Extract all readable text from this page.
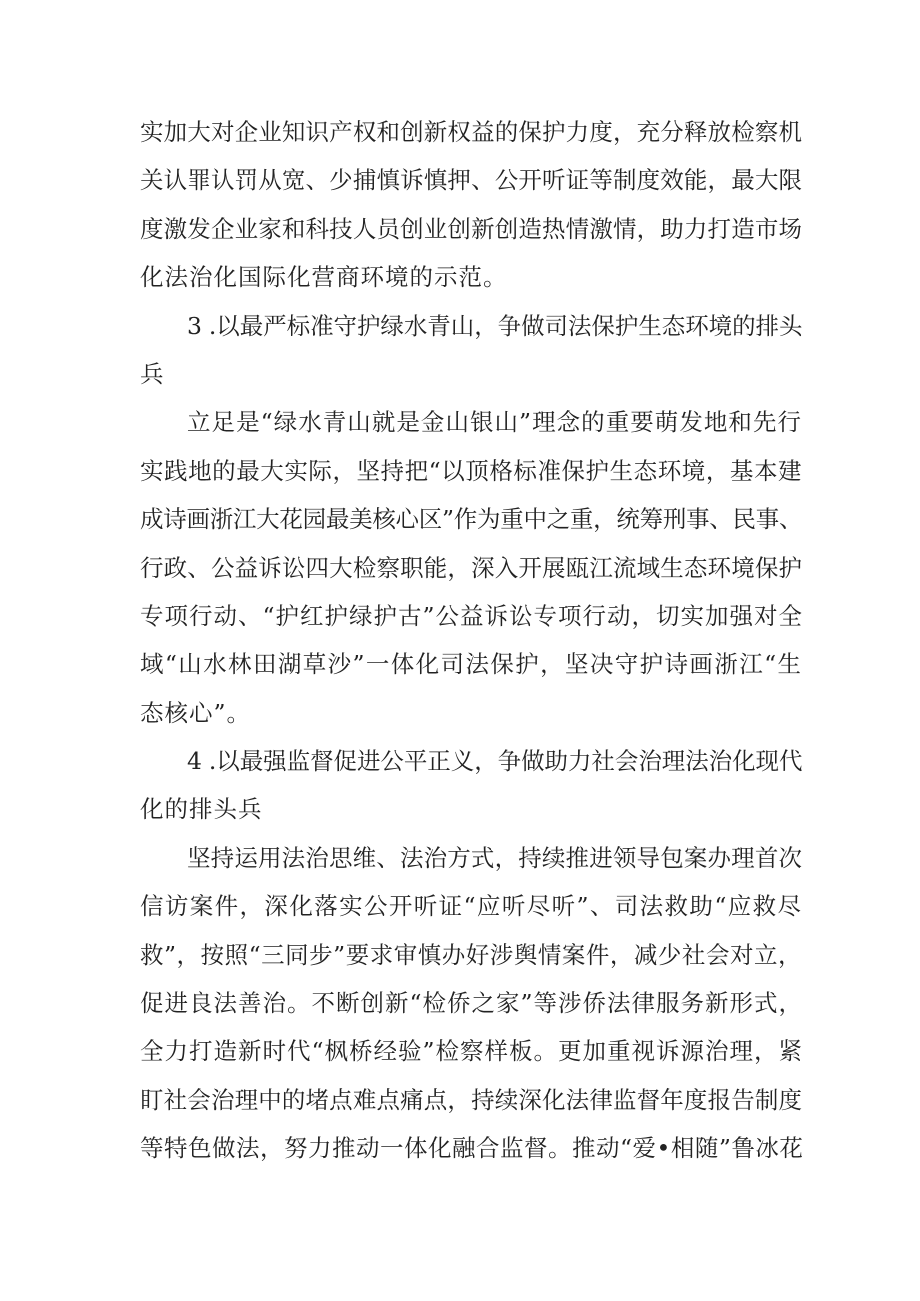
实加大对企业知识产权和创新权益的保护力度，充分释放检察机
关认罪认罚从宽、少捕慎诉慎押、公开听证等制度效能，最大限
度激发企业家和科技人员创业创新创造热情激情，助力打造市场
化法治化国际化营商环境的示范。
3 .以最严标准守护绿水青山，争做司法保护生态环境的排头
兵
立足是“绿水青山就是金山银山”理念的重要萌发地和先行
实践地的最大实际，坚持把“以顶格标准保护生态环境，基本建
成诗画浙江大花园最美核心区”作为重中之重，统筹刑事、民事、
行政、公益诉讼四大检察职能，深入开展瓯江流域生态环境保护
专项行动、“护红护绿护古”公益诉讼专项行动，切实加强对全
域“山水林田湖草沙”一体化司法保护，坚决守护诗画浙江“生
态核心”。
4 .以最强监督促进公平正义，争做助力社会治理法治化现代
化的排头兵
坚持运用法治思维、法治方式，持续推进领导包案办理首次
信访案件，深化落实公开听证“应听尽听”、司法救助“应救尽
救”，按照“三同步”要求审慎办好涉舆情案件，减少社会对立，
促进良法善治。不断创新“检侨之家”等涉侨法律服务新形式，
全力打造新时代“枫桥经验”检察样板。更加重视诉源治理，紧
盯社会治理中的堵点难点痛点，持续深化法律监督年度报告制度
等特色做法，努力推动一体化融合监督。推动“爱•相随”鲁冰花
